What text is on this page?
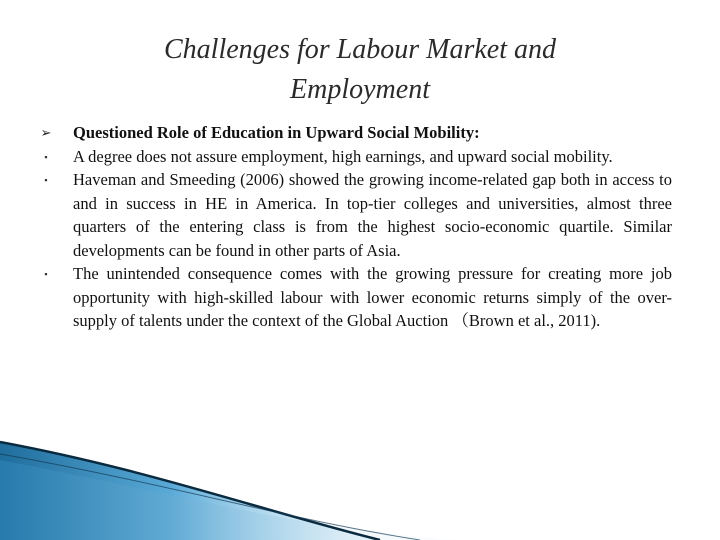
Challenges for Labour Market and
Employment

➢ Questioned Role of Education in Upward Social Mobility:

▪ A degree does not assure employment, high earnings, and upward social mobility.

▪ Haveman and Smeeding (2006) showed the growing income-related gap both in access to and in success in HE in America. In top-tier colleges and universities, almost three quarters of the entering class is from the highest socio-economic quartile. Similar developments can be found in other parts of Asia.

▪ The unintended consequence comes with the growing pressure for creating more job opportunity with high-skilled labour with lower economic returns simply of the over-supply of talents under the context of the Global Auction （Brown et al., 2011).
